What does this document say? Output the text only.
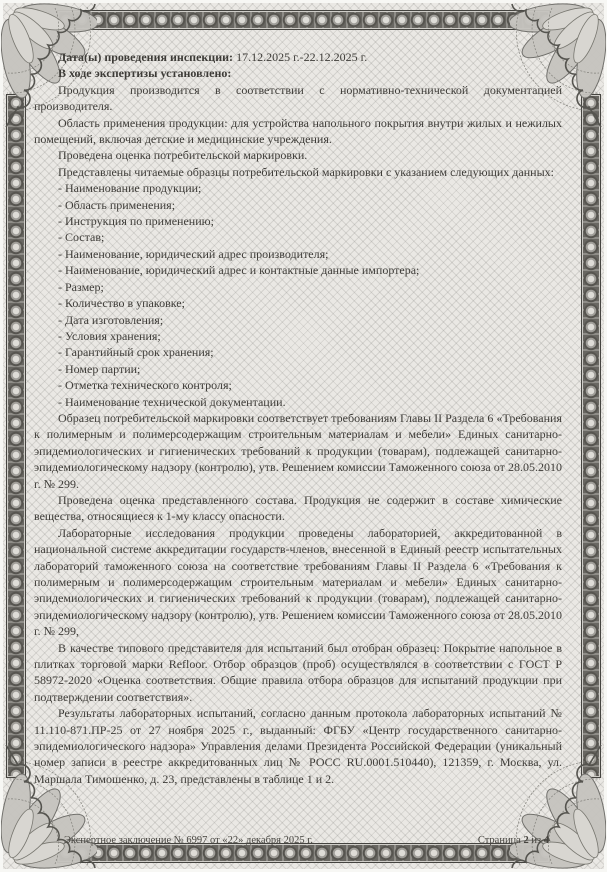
Дата(ы) проведения инспекции: 17.12.2025 г.-22.12.2025 г.

В ходе экспертизы установлено:

Продукция производится в соответствии с нормативно-технической документацией производителя.

Область применения продукции: для устройства напольного покрытия внутри жилых и нежилых помещений, включая детские и медицинские учреждения.

Проведена оценка потребительской маркировки.

Представлены читаемые образцы потребительской маркировки с указанием следующих данных:

- Наименование продукции;
- Область применения;
- Инструкция по применению;
- Состав;
- Наименование, юридический адрес производителя;
- Наименование, юридический адрес и контактные данные импортера;
- Размер;
- Количество в упаковке;
- Дата изготовления;
- Условия хранения;
- Гарантийный срок хранения;
- Номер партии;
- Отметка технического контроля;
- Наименование технической документации.

Образец потребительской маркировки соответствует требованиям Главы II Раздела 6 «Требования к полимерным и полимерсодержащим строительным материалам и мебели» Единых санитарно-эпидемиологических и гигиенических требований к продукции (товарам), подлежащей санитарно-эпидемиологическому надзору (контролю), утв. Решением комиссии Таможенного союза от 28.05.2010 г. № 299.

Проведена оценка представленного состава. Продукция не содержит в составе химические вещества, относящиеся к 1-му классу опасности.

Лабораторные исследования продукции проведены лабораторией, аккредитованной в национальной системе аккредитации государств-членов, внесенной в Единый реестр испытательных лабораторий таможенного союза на соответствие требованиям Главы II Раздела 6 «Требования к полимерным и полимерсодержащим строительным материалам и мебели» Единых санитарно-эпидемиологических и гигиенических требований к продукции (товарам), подлежащей санитарно-эпидемиологическому надзору (контролю), утв. Решением комиссии Таможенного союза от 28.05.2010 г. № 299,

В качестве типового представителя для испытаний был отобран образец: Покрытие напольное в плитках торговой марки Refloor. Отбор образцов (проб) осуществлялся в соответствии с ГОСТ Р 58972-2020 «Оценка соответствия. Общие правила отбора образцов для испытаний продукции при подтверждении соответствия».

Результаты лабораторных испытаний, согласно данным протокола лабораторных испытаний № 11.110-871.ПР-25 от 27 ноября 2025 г., выданный: ФГБУ «Центр государственного санитарно-эпидемиологического надзора» Управления делами Президента Российской Федерации (уникальный номер записи в реестре аккредитованных лиц № РОСС RU.0001.510440), 121359, г. Москва, ул. Маршала Тимошенко, д. 23, представлены в таблице 1 и 2.

Экспертное заключение № 6997 от «22» декабря 2025 г.	Страница 2 из 4
